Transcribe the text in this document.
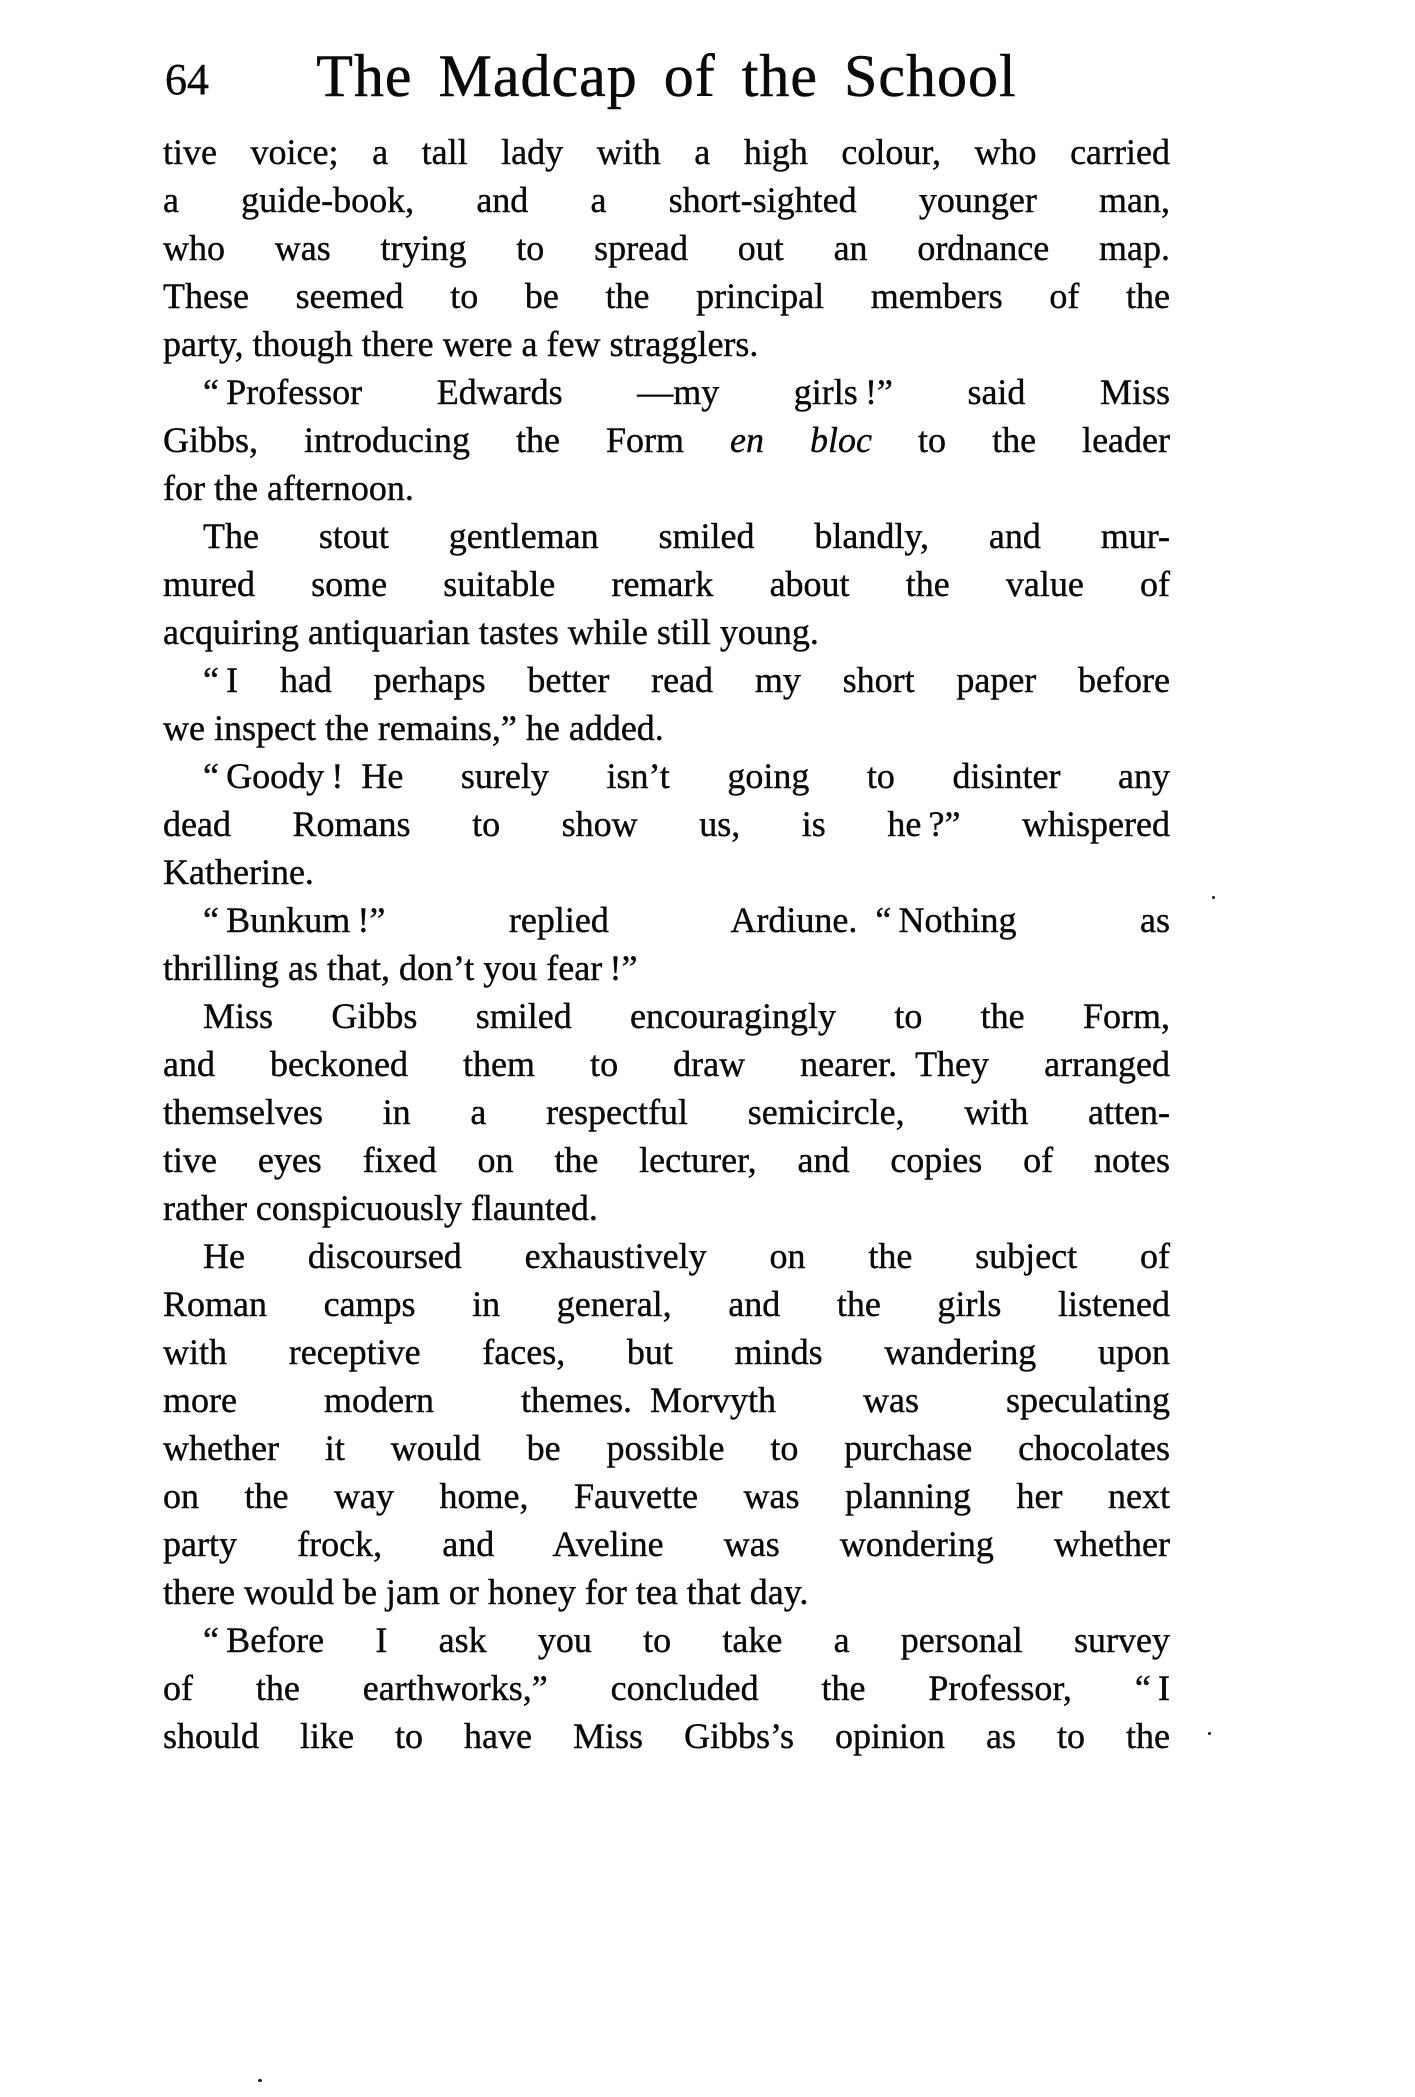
64	The Madcap of the School
tive voice; a tall lady with a high colour, who carried
a guide-book, and a short-sighted younger man,
who was trying to spread out an ordnance map.
These seemed to be the principal members of the
party, though there were a few stragglers.
“ Professor Edwards —my girls !” said Miss
Gibbs, introducing the Form en bloc to the leader
for the afternoon.
The stout gentleman smiled blandly, and mur-
mured some suitable remark about the value of
acquiring antiquarian tastes while still young.
“ I had perhaps better read my short paper before
we inspect the remains,” he added.
“ Goody ! He surely isn’t going to disinter any
dead Romans to show us, is he ?” whispered
Katherine.
“ Bunkum !” replied Ardiune. “ Nothing as
thrilling as that, don’t you fear !”
Miss Gibbs smiled encouragingly to the Form,
and beckoned them to draw nearer. They arranged
themselves in a respectful semicircle, with atten-
tive eyes fixed on the lecturer, and copies of notes
rather conspicuously flaunted.
He discoursed exhaustively on the subject of
Roman camps in general, and the girls listened
with receptive faces, but minds wandering upon
more modern themes. Morvyth was speculating
whether it would be possible to purchase chocolates
on the way home, Fauvette was planning her next
party frock, and Aveline was wondering whether
there would be jam or honey for tea that day.
“ Before I ask you to take a personal survey
of the earthworks,” concluded the Professor, “ I
should like to have Miss Gibbs’s opinion as to the
